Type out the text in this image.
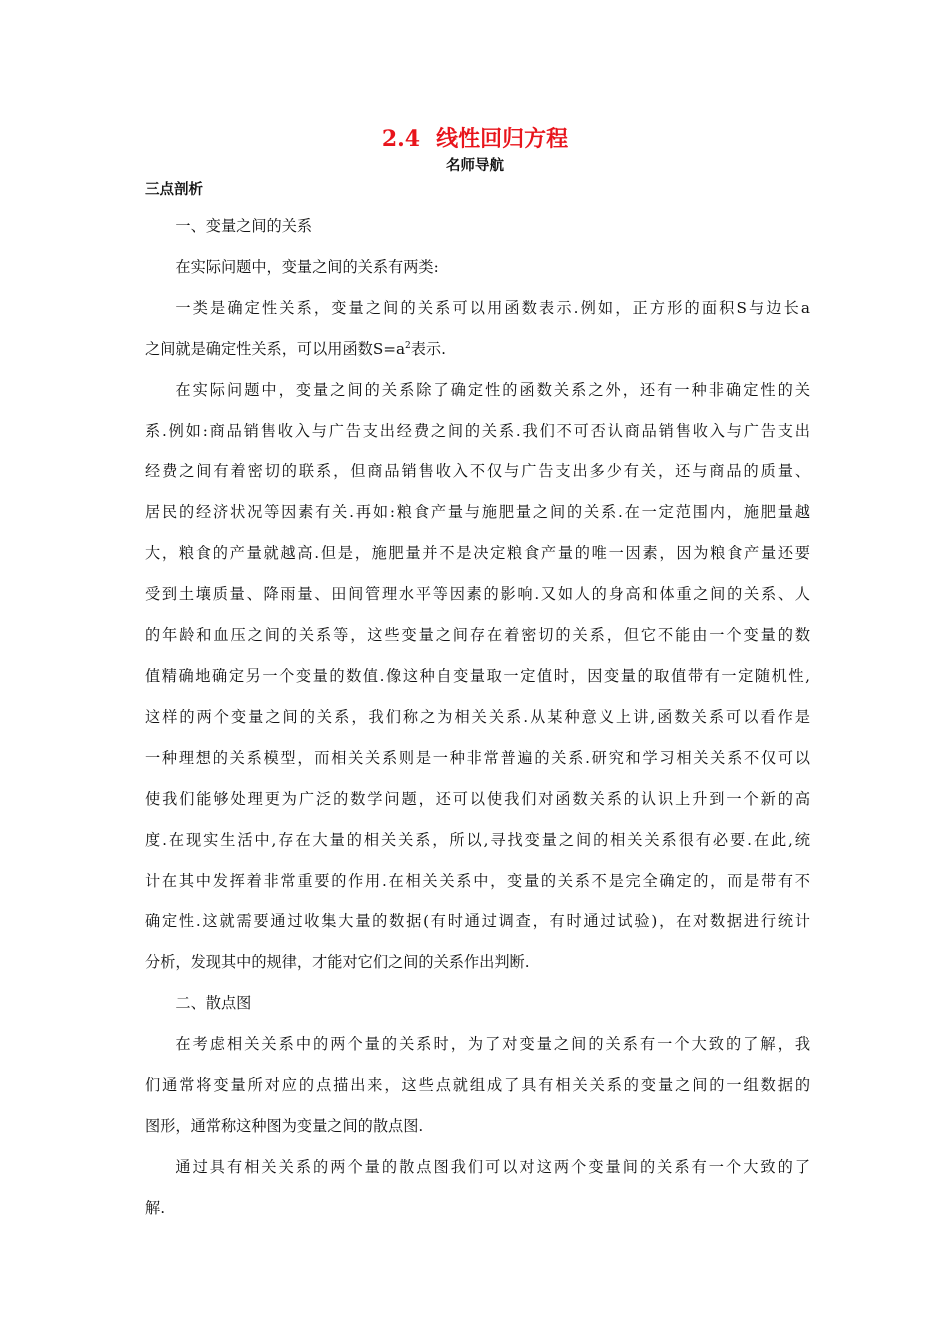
2.4 线性回归方程
名师导航
三点剖析
一、变量之间的关系
在实际问题中，变量之间的关系有两类:
一类是确定性关系，变量之间的关系可以用函数表示.例如，正方形的面积S与边长a
之间就是确定性关系，可以用函数$S=a^2$表示.
在实际问题中，变量之间的关系除了确定性的函数关系之外，还有一种非确定性的关
系.例如:商品销售收入与广告支出经费之间的关系.我们不可否认商品销售收入与广告支出
经费之间有着密切的联系，但商品销售收入不仅与广告支出多少有关，还与商品的质量、
居民的经济状况等因素有关.再如:粮食产量与施肥量之间的关系.在一定范围内，施肥量越
大，粮食的产量就越高.但是，施肥量并不是决定粮食产量的唯一因素，因为粮食产量还要
受到土壤质量、降雨量、田间管理水平等因素的影响.又如人的身高和体重之间的关系、人
的年龄和血压之间的关系等，这些变量之间存在着密切的关系，但它不能由一个变量的数
值精确地确定另一个变量的数值.像这种自变量取一定值时，因变量的取值带有一定随机性,
这样的两个变量之间的关系，我们称之为相关关系.从某种意义上讲,函数关系可以看作是
一种理想的关系模型，而相关关系则是一种非常普遍的关系.研究和学习相关关系不仅可以
使我们能够处理更为广泛的数学问题，还可以使我们对函数关系的认识上升到一个新的高
度.在现实生活中,存在大量的相关关系，所以,寻找变量之间的相关关系很有必要.在此,统
计在其中发挥着非常重要的作用.在相关关系中，变量的关系不是完全确定的，而是带有不
确定性.这就需要通过收集大量的数据(有时通过调查，有时通过试验)，在对数据进行统计
分析，发现其中的规律，才能对它们之间的关系作出判断.
二、散点图
在考虑相关关系中的两个量的关系时，为了对变量之间的关系有一个大致的了解，我
们通常将变量所对应的点描出来，这些点就组成了具有相关关系的变量之间的一组数据的
图形，通常称这种图为变量之间的散点图.
通过具有相关关系的两个量的散点图我们可以对这两个变量间的关系有一个大致的了
解.
